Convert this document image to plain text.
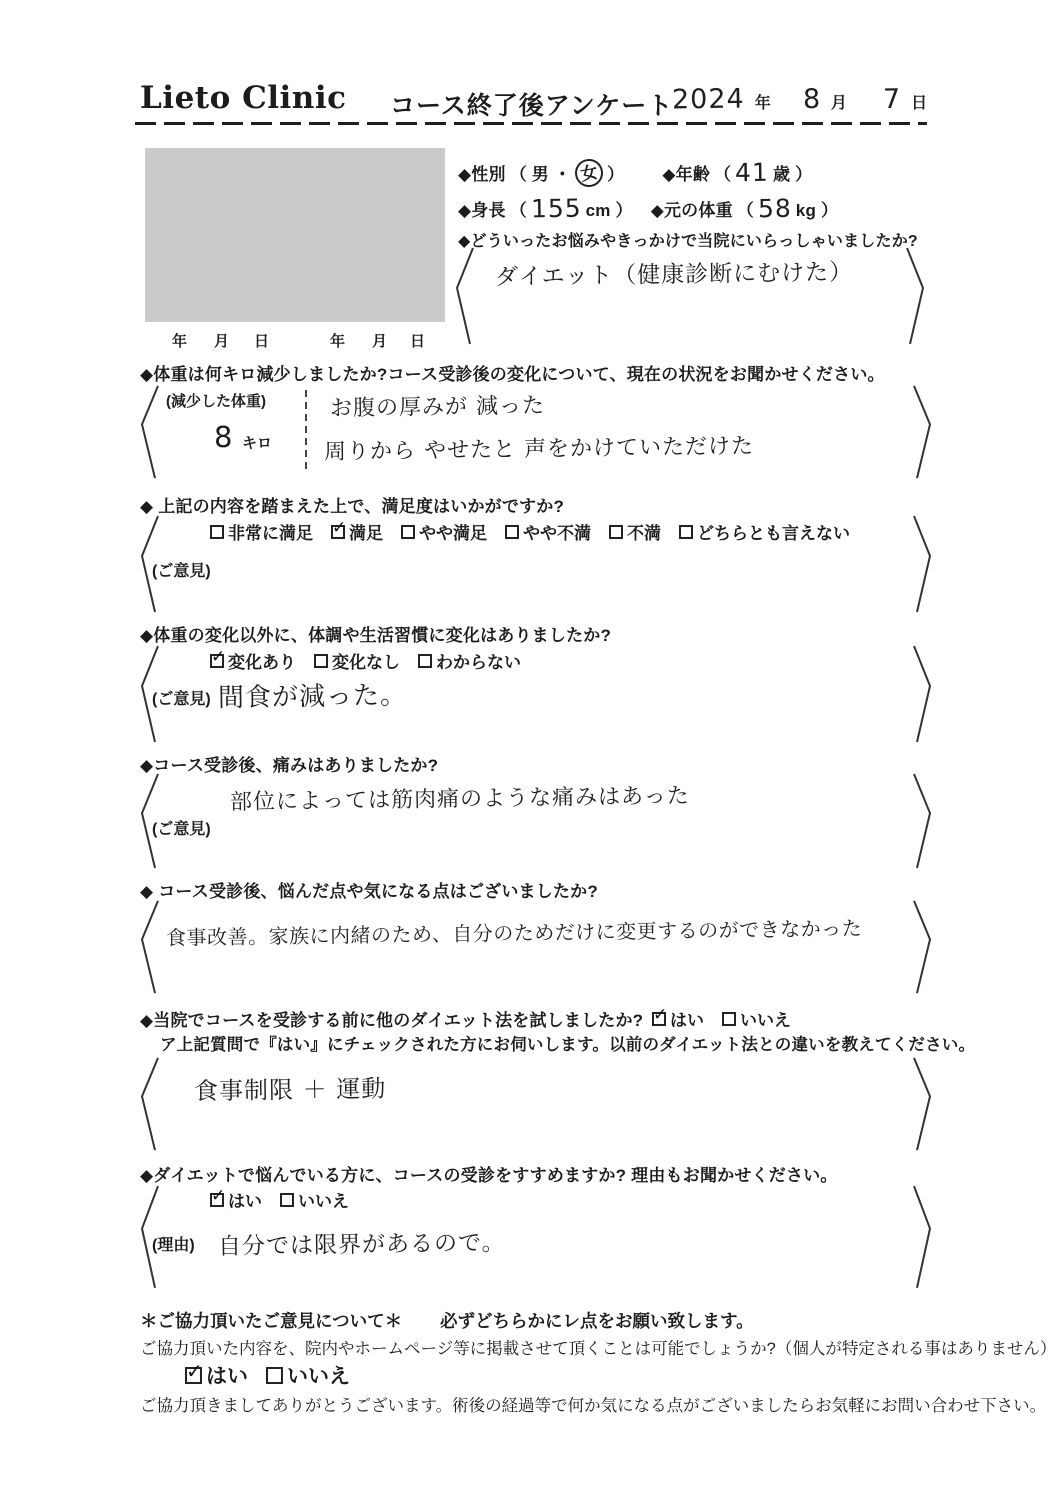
Lieto Clinic コース終了後アンケート
2024 年 8 月 7 日
年 月 日	年 月 日
◆性別 （ 男 ・ 女 ） ◆年齢 （ 41 歳 ）
◆身長 （ 155 cm ） ◆元の体重 （ 58 kg ）
◆どういったお悩みやきっかけで当院にいらっしゃいましたか?
ダイエット（健康診断にむけた）
◆体重は何キロ減少しましたか?コース受診後の変化について、現在の状況をお聞かせください。
(減少した体重)
8 キロ
お腹の厚みが 減った
周りから やせたと 声をかけていただけた
◆ 上記の内容を踏まえた上で、満足度はいかがですか?
非常に満足 ✓ 満足 やや満足 やや不満 不満 どちらとも言えない
(ご意見)
◆体重の変化以外に、体調や生活習慣に変化はありましたか?
✓
変化あり 変化なし わからない
(ご意見) 間食が減った。
◆コース受診後、痛みはありましたか?
部位によっては筋肉痛のような痛みはあった
(ご意見)
◆ コース受診後、悩んだ点や気になる点はございましたか?
食事改善。家族に内緒のため、自分のためだけに変更するのができなかった
◆当院でコースを受診する前に他のダイエット法を試しましたか? ✓ はい いいえ
ア上記質問で『はい』にチェックされた方にお伺いします。以前のダイエット法との違いを教えてください。
食事制限 ＋ 運動
◆ダイエットで悩んでいる方に、コースの受診をすすめますか? 理由もお聞かせください。
✓
はい いいえ
(理由) 自分では限界があるので。
＊ご協力頂いたご意見について＊ 必ずどちらかにレ点をお願い致します。
ご協力頂いた内容を、院内やホームページ等に掲載させて頂くことは可能でしょうか?（個人が特定される事はありません）
✓
はい いいえ
ご協力頂きましてありがとうございます。術後の経過等で何か気になる点がございましたらお気軽にお問い合わせ下さい。
